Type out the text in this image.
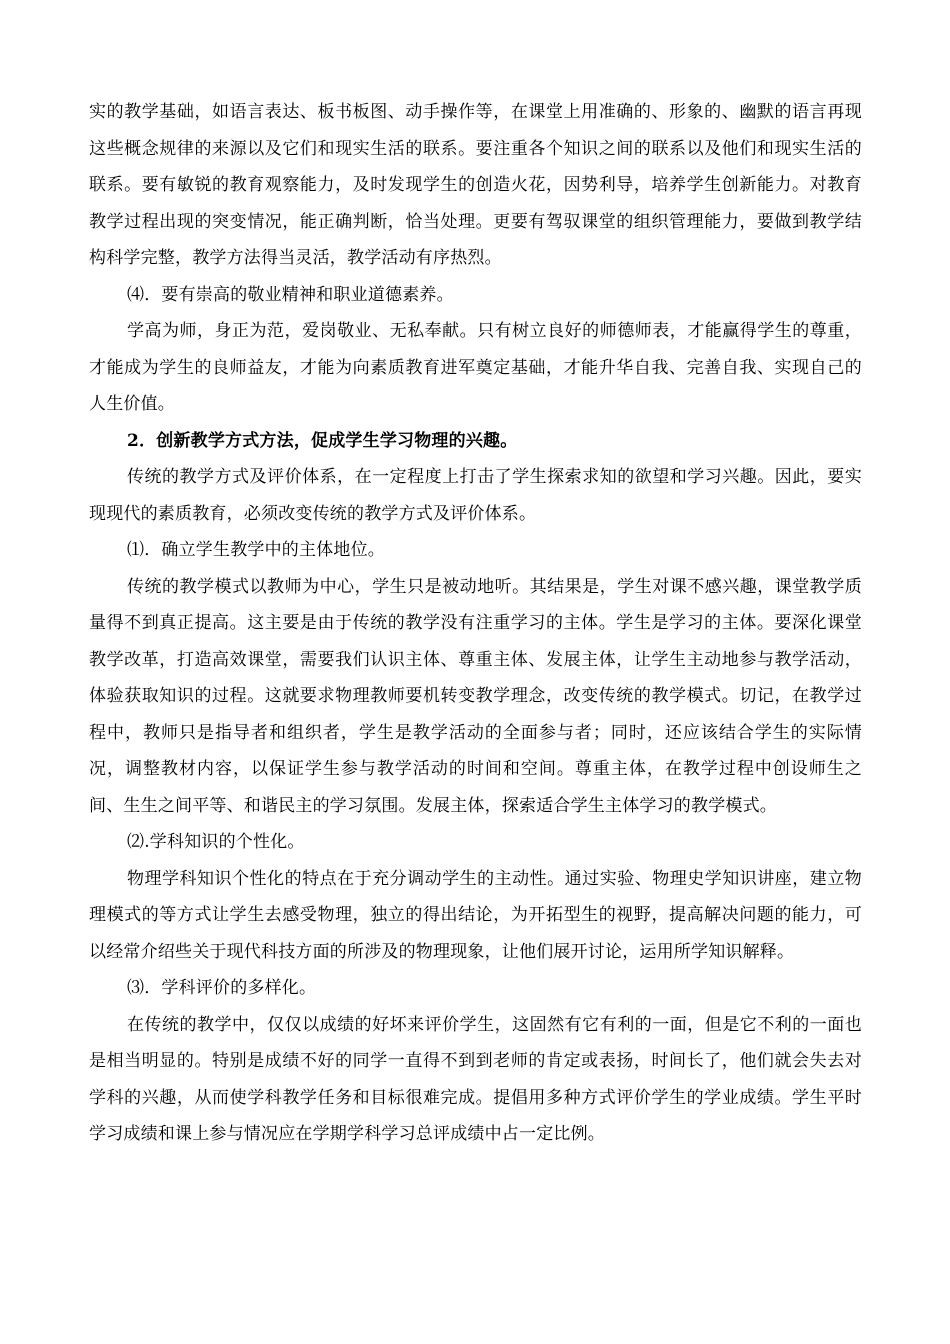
实的教学基础，如语言表达、板书板图、动手操作等，在课堂上用准确的、形象的、幽默的语言再现这些概念规律的来源以及它们和现实生活的联系。要注重各个知识之间的联系以及他们和现实生活的联系。要有敏锐的教育观察能力，及时发现学生的创造火花，因势利导，培养学生创新能力。对教育教学过程出现的突变情况，能正确判断，恰当处理。更要有驾驭课堂的组织管理能力，要做到教学结构科学完整，教学方法得当灵活，教学活动有序热烈。

⑷．要有崇高的敬业精神和职业道德素养。

学高为师，身正为范，爱岗敬业、无私奉献。只有树立良好的师德师表，才能赢得学生的尊重，才能成为学生的良师益友，才能为向素质教育进军奠定基础，才能升华自我、完善自我、实现自己的人生价值。

2．创新教学方式方法，促成学生学习物理的兴趣。

传统的教学方式及评价体系，在一定程度上打击了学生探索求知的欲望和学习兴趣。因此，要实现现代的素质教育，必须改变传统的教学方式及评价体系。

⑴．确立学生教学中的主体地位。

传统的教学模式以教师为中心，学生只是被动地听。其结果是，学生对课不感兴趣，课堂教学质量得不到真正提高。这主要是由于传统的教学没有注重学习的主体。学生是学习的主体。要深化课堂教学改革，打造高效课堂，需要我们认识主体、尊重主体、发展主体，让学生主动地参与教学活动，体验获取知识的过程。这就要求物理教师要机转变教学理念，改变传统的教学模式。切记，在教学过程中，教师只是指导者和组织者，学生是教学活动的全面参与者；同时，还应该结合学生的实际情况，调整教材内容，以保证学生参与教学活动的时间和空间。尊重主体，在教学过程中创设师生之间、生生之间平等、和谐民主的学习氛围。发展主体，探索适合学生主体学习的教学模式。

⑵.学科知识的个性化。

物理学科知识个性化的特点在于充分调动学生的主动性。通过实验、物理史学知识讲座，建立物理模式的等方式让学生去感受物理，独立的得出结论，为开拓型生的视野，提高解决问题的能力，可以经常介绍些关于现代科技方面的所涉及的物理现象，让他们展开讨论，运用所学知识解释。

⑶．学科评价的多样化。

在传统的教学中，仅仅以成绩的好坏来评价学生，这固然有它有利的一面，但是它不利的一面也是相当明显的。特别是成绩不好的同学一直得不到到老师的肯定或表扬，时间长了，他们就会失去对学科的兴趣，从而使学科教学任务和目标很难完成。提倡用多种方式评价学生的学业成绩。学生平时学习成绩和课上参与情况应在学期学科学习总评成绩中占一定比例。
